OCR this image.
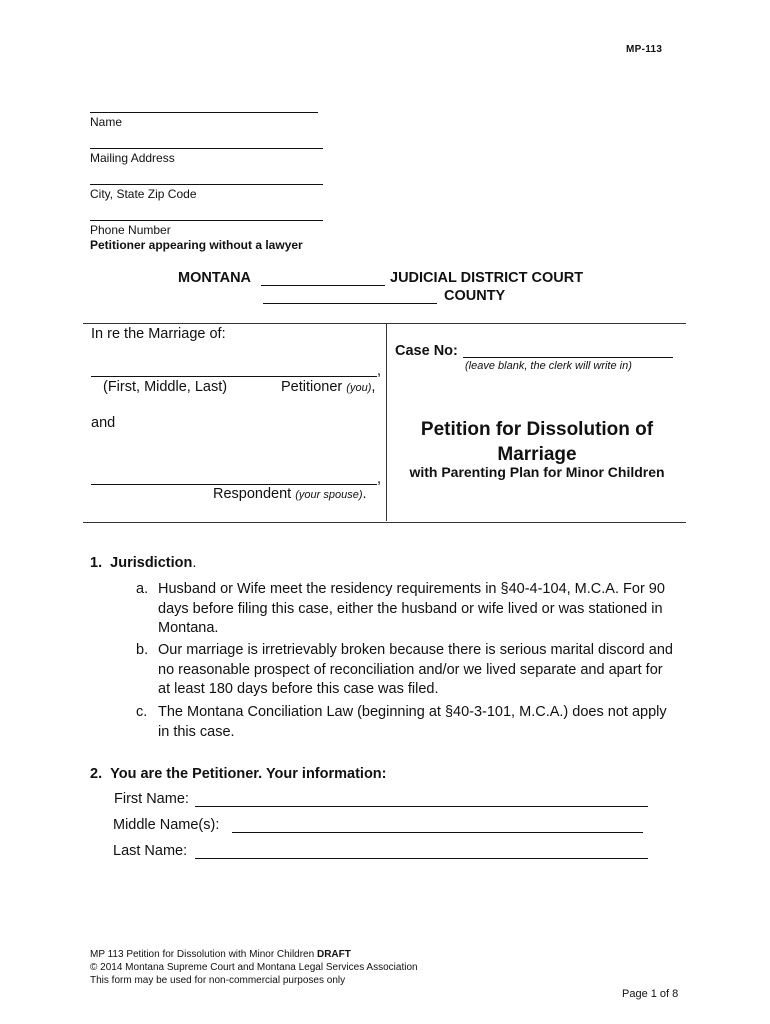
MP-113
Name
Mailing Address
City, State Zip Code
Phone Number
Petitioner appearing without a lawyer
MONTANA	JUDICIAL DISTRICT COURT
COUNTY
In re the Marriage of:
,
(First, Middle, Last)	Petitioner (you),
and
,
Respondent (your spouse).
Case No:
(leave blank, the clerk will write in)
Petition for Dissolution of
Marriage
with Parenting Plan for Minor Children
1. Jurisdiction.
a. Husband or Wife meet the residency requirements in §40-4-104, M.C.A. For 90 days before filing this case, either the husband or wife lived or was stationed in Montana.
b. Our marriage is irretrievably broken because there is serious marital discord and no reasonable prospect of reconciliation and/or we lived separate and apart for at least 180 days before this case was filed.
c. The Montana Conciliation Law (beginning at §40-3-101, M.C.A.) does not apply in this case.
2. You are the Petitioner. Your information:
First Name:
Middle Name(s):
Last Name:
MP 113 Petition for Dissolution with Minor Children DRAFT
© 2014 Montana Supreme Court and Montana Legal Services Association
This form may be used for non-commercial purposes only
Page 1 of 8
